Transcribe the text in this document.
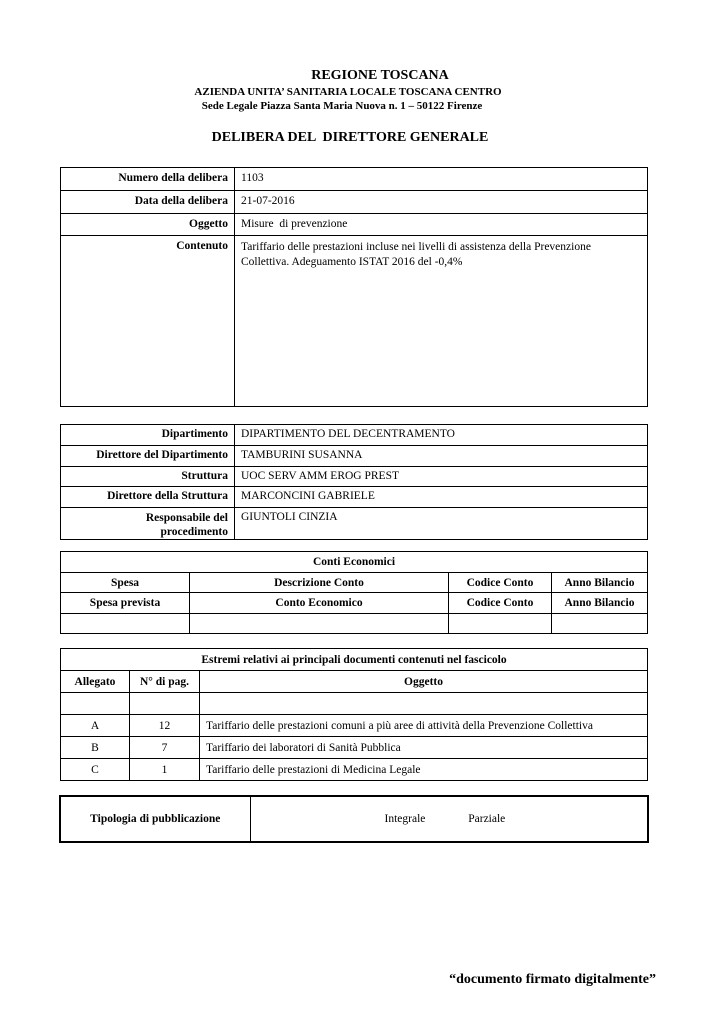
REGIONE TOSCANA
AZIENDA UNITA’ SANITARIA LOCALE TOSCANA CENTRO
Sede Legale Piazza Santa Maria Nuova n. 1 – 50122 Firenze
DELIBERA DEL  DIRETTORE GENERALE
Numero della delibera	1103
Data della delibera	21-07-2016
Oggetto	Misure  di prevenzione
Contenuto	Tariffario delle prestazioni incluse nei livelli di assistenza della Prevenzione Collettiva. Adeguamento ISTAT 2016 del -0,4%
Dipartimento	DIPARTIMENTO DEL DECENTRAMENTO
Direttore del Dipartimento	TAMBURINI SUSANNA
Struttura	UOC SERV AMM EROG PREST
Direttore della Struttura	MARCONCINI GABRIELE
Responsabile del procedimento	GIUNTOLI CINZIA
Conti Economici			
Spesa	Descrizione Conto	Codice Conto	Anno Bilancio
Spesa prevista	Conto Economico	Codice Conto	Anno Bilancio

Estremi relativi ai principali documenti contenuti nel fascicolo		
Allegato	N° di pag.	Oggetto

A	12	Tariffario delle prestazioni comuni a più aree di attività della Prevenzione Collettiva
B	7	Tariffario dei laboratori di Sanità Pubblica
C	1	Tariffario delle prestazioni di Medicina Legale
Tipologia di pubblicazione	Integrale	Parziale
“documento firmato digitalmente”
